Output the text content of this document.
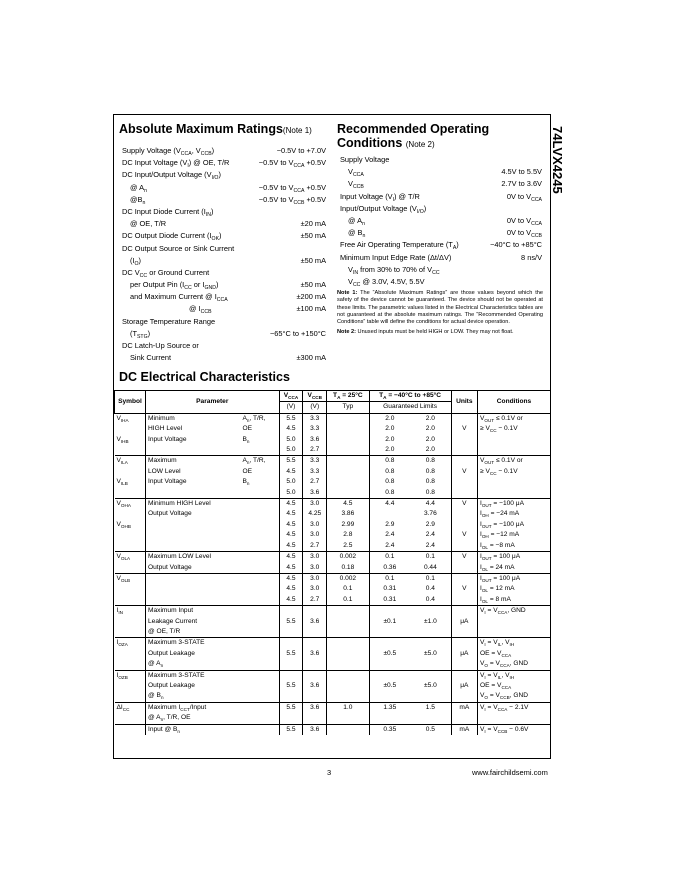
74LVX4245
Absolute Maximum Ratings(Note 1)
Supply Voltage ($V_{CCA}$, $V_{CCB}$)	−0.5V to +7.0V
DC Input Voltage $(V_I)$ @ OE, T/R	−0.5V to $V_{CCA} +0.5V$
DC Input/Output Voltage $(V_{I/O})$
@ $A_n$	−0.5V to $V_{CCA} +0.5V$
$@B_n$	−0.5V to $V_{CCB} +0.5V$
DC Input Diode Current $(I_{IN})$
@ OE, T/R	±20 mA
DC Output Diode Current $(I_{OK})$	±50 mA
DC Output Source or Sink Current
$(I_O)$	±50 mA
DC $V_{CC}$ or Ground Current
per Output Pin ($I_{CC}$ or $I_{GND}$)	±50 mA
and Maximum Current @ $I_{CCA}$	±200 mA
@ $I_{CCB}$	±100 mA
Storage Temperature Range
$(T_{STG})$	−65°C to +150°C
DC Latch-Up Source or
Sink Current	±300 mA
Recommended Operating
Conditions (Note 2)
Supply Voltage
$V_{CCA}$	4.5V to 5.5V
$V_{CCB}$	2.7V to 3.6V
Input Voltage $(V_I)$ @ T/R	0V to $V_{CCA}$
Input/Output Voltage $(V_{I/O})$
@ $A_n$	0V to $V_{CCA}$
@ $B_n$	0V to $V_{CCB}$
Free Air Operating Temperature $(T_A)$	−40°C to +85°C
Minimum Input Edge Rate (Δt/ΔV)	8 ns/V
$V_{IN}$ from 30% to 70% of $V_{CC}$
$V_{CC}$ @ 3.0V, 4.5V, 5.5V

Note 1: The “Absolute Maximum Ratings” are those values beyond which the safety of the device cannot be guaranteed. The device should not be operated at these limits. The parametric values listed in the Electrical Characteristics tables are not guaranteed at the absolute maximum ratings. The “Recommended Operating Conditions” table will define the conditions for actual device operation.

Note 2: Unused inputs must be held HIGH or LOW. They may not float.

DC Electrical Characteristics
Symbol	Parameter		$V_{CCA}$	$V_{CCB}$	$T_A = 25^\circ C$	$T_A = -40^\circ C$ to +85°C		Units	Conditions
			(V)	(V)	Typ	Guaranteed Limits			
$V_{IHA}$	Minimum	$A_n$, T/R,	5.5	3.3		2.0	2.0		$V_{OUT} \le 0.1V$ or
	HIGH Level	OE	4.5	3.3		2.0	2.0	V	≥ $V_{CC} - 0.1V$
$V_{IHB}$	Input Voltage	$B_n$	5.0	3.6		2.0	2.0		
			5.0	2.7		2.0	2.0		
$V_{ILA}$	Maximum	$A_n$, T/R,	5.5	3.3		0.8	0.8		$V_{OUT} \le 0.1V$ or
	LOW Level	OE	4.5	3.3		0.8	0.8	V	≥ $V_{CC} - 0.1V$
$V_{ILB}$	Input Voltage	$B_n$	5.0	2.7		0.8	0.8		
			5.0	3.6		0.8	0.8		
$V_{OHA}$	Minimum HIGH Level		4.5	3.0	4.5	4.4	4.4	V	$I_{OUT} = -100$ μA
	Output Voltage		4.5	4.25	3.86		3.76		$I_{OH} = -24$ mA
$V_{OHB}$			4.5	3.0	2.99	2.9	2.9		$I_{OUT} = -100$ μA
			4.5	3.0	2.8	2.4	2.4	V	$I_{OH} = -12$ mA
			4.5	2.7	2.5	2.4	2.4		$I_{OL} = -8$ mA
$V_{OLA}$	Maximum LOW Level		4.5	3.0	0.002	0.1	0.1	V	$I_{OUT} = 100$ μA
	Output Voltage		4.5	3.0	0.18	0.36	0.44		$I_{OL} = 24$ mA
$V_{OLB}$			4.5	3.0	0.002	0.1	0.1		$I_{OUT} = 100$ μA
			4.5	3.0	0.1	0.31	0.4	V	$I_{OL} = 12$ mA
			4.5	2.7	0.1	0.31	0.4		$I_{OL} = 8$ mA
$I_{IN}$	Maximum Input								$V_I = V_{CCA}$, GND
	Leakage Current		5.5	3.6		±0.1	±1.0	μA	
	@ OE, T/R								
$I_{OZA}$	Maximum 3-STATE								$V_I = V_{IL}$, $V_{IH}$
	Output Leakage		5.5	3.6		±0.5	±5.0	μA	OE = $V_{CCA}$
	@ $A_n$								$V_O = V_{CCA}$, GND
$I_{OZB}$	Maximum 3-STATE								$V_I = V_{IL}$, $V_{IH}$
	Output Leakage		5.5	3.6		±0.5	±5.0	μA	OE = $V_{CCA}$
	@ $B_n$								$V_O = V_{CCB}$, GND
$\Delta I_{CC}$	Maximum $I_{CCT}$/Input		5.5	3.6	1.0	1.35	1.5	mA	$V_I = V_{CCA} - 2.1V$
	@ $A_n$, T/R, OE								
	Input @ $B_n$		5.5	3.6		0.35	0.5	mA	$V_I = V_{CCB} - 0.6V$
3	www.fairchildsemi.com
